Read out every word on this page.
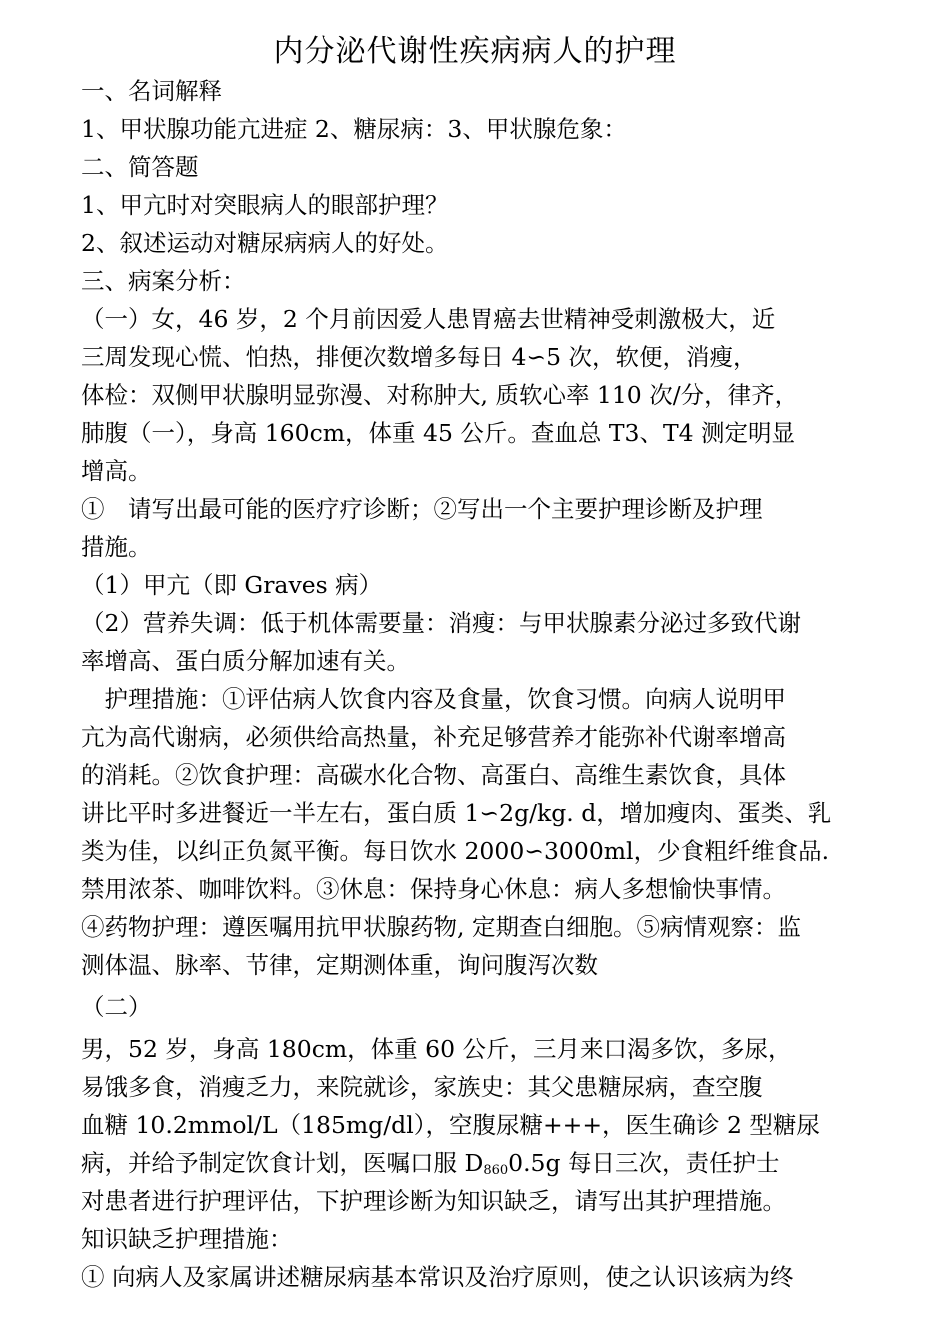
内分泌代谢性疾病病人的护理

一、名词解释

1、甲状腺功能亢进症 2、糖尿病：3、甲状腺危象：

二、简答题

1、甲亢时对突眼病人的眼部护理？

2、叙述运动对糖尿病病人的好处。

三、病案分析：

（一）女，46 岁，2 个月前因爱人患胃癌去世精神受刺激极大，近

三周发现心慌、怕热，排便次数增多每日 4∽5 次，软便，消瘦，

体检：双侧甲状腺明显弥漫、对称肿大, 质软心率 110 次/分，律齐，

肺腹（一），身高 160cm，体重 45 公斤。查血总 T3、T4 测定明显

增高。

①　请写出最可能的医疗疗诊断；②写出一个主要护理诊断及护理

措施。

（1）甲亢（即 Graves 病）

（2）营养失调：低于机体需要量：消瘦：与甲状腺素分泌过多致代谢

率增高、蛋白质分解加速有关。

　护理措施：①评估病人饮食内容及食量，饮食习惯。向病人说明甲

亢为高代谢病，必须供给高热量，补充足够营养才能弥补代谢率增高

的消耗。②饮食护理：高碳水化合物、高蛋白、高维生素饮食，具体

讲比平时多进餐近一半左右，蛋白质 1∽2g/kg. d，增加瘦肉、蛋类、乳

类为佳，以纠正负氮平衡。每日饮水 2000∽3000ml，少食粗纤维食品.

禁用浓茶、咖啡饮料。③休息：保持身心休息：病人多想愉快事情。

④药物护理：遵医嘱用抗甲状腺药物, 定期查白细胞。⑤病情观察：监

测体温、脉率、节律，定期测体重，询问腹泻次数

（二）

男，52 岁，身高 180cm，体重 60 公斤，三月来口渴多饮，多尿，

易饿多食，消瘦乏力，来院就诊，家族史：其父患糖尿病，查空腹

血糖 10.2mmol/L（185mg/dl），空腹尿糖+++，医生确诊 2 型糖尿

病，并给予制定饮食计划，医嘱口服 $D_{860}0.5g$ 每日三次，责任护士

对患者进行护理评估，下护理诊断为知识缺乏，请写出其护理措施。

知识缺乏护理措施：

① 向病人及家属讲述糖尿病基本常识及治疗原则，使之认识该病为终
